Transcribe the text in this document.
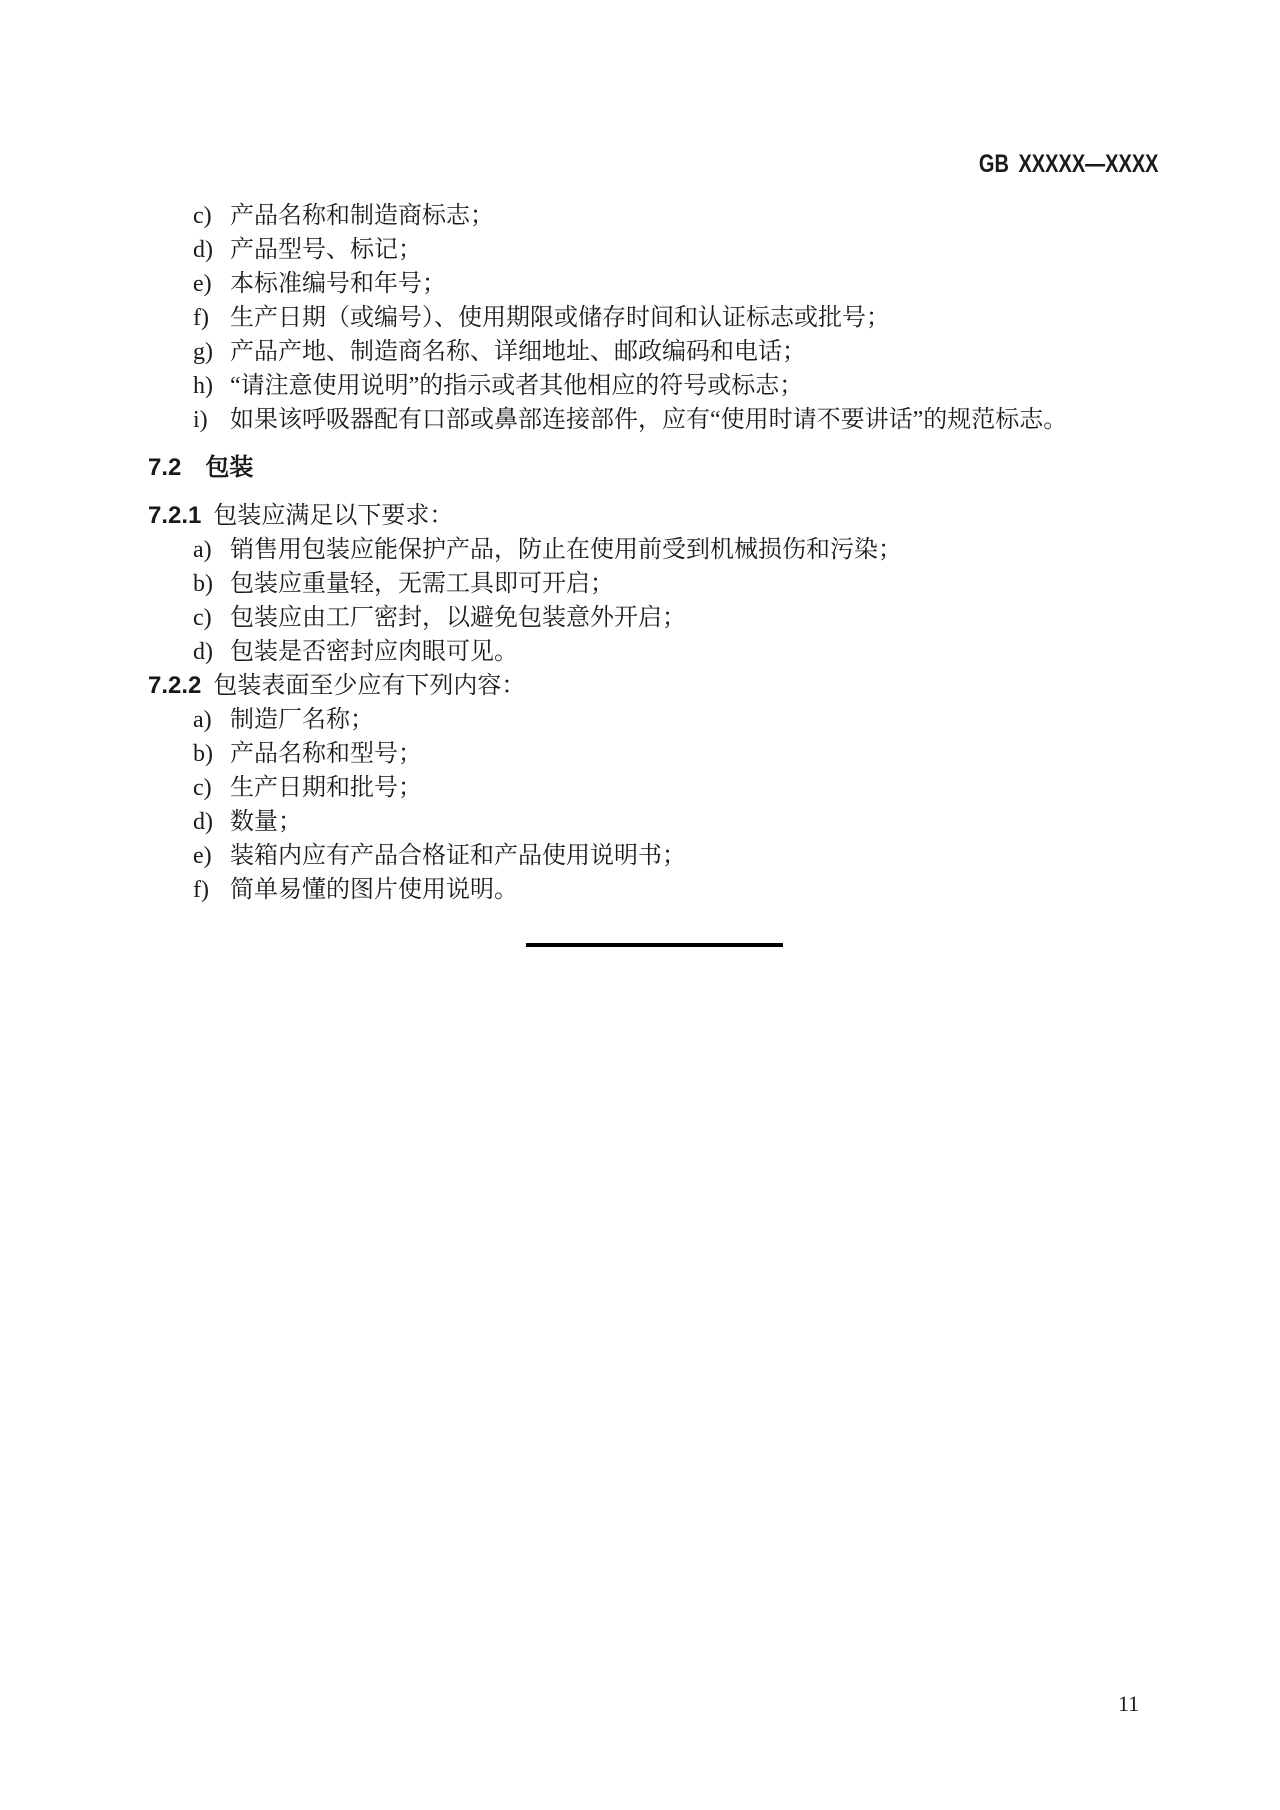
GB XXXXX—XXXX
c) 产品名称和制造商标志；
d) 产品型号、标记；
e) 本标准编号和年号；
f) 生产日期（或编号）、使用期限或储存时间和认证标志或批号；
g) 产品产地、制造商名称、详细地址、邮政编码和电话；
h) “请注意使用说明”的指示或者其他相应的符号或标志；
i) 如果该呼吸器配有口部或鼻部连接部件，应有“使用时请不要讲话”的规范标志。
7.2 包装
7.2.1 包装应满足以下要求：
a) 销售用包装应能保护产品，防止在使用前受到机械损伤和污染；
b) 包装应重量轻，无需工具即可开启；
c) 包装应由工厂密封，以避免包装意外开启；
d) 包装是否密封应肉眼可见。
7.2.2 包装表面至少应有下列内容：
a) 制造厂名称；
b) 产品名称和型号；
c) 生产日期和批号；
d) 数量；
e) 装箱内应有产品合格证和产品使用说明书；
f) 简单易懂的图片使用说明。
11
